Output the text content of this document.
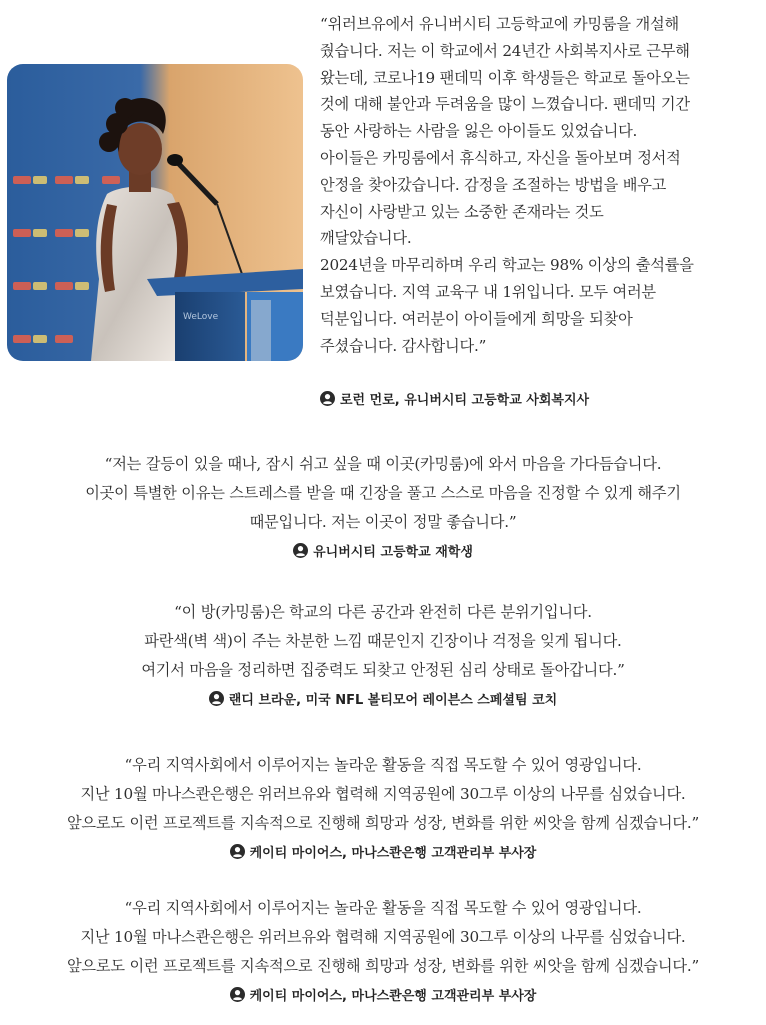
WeLove

“위러브유에서 유니버시티 고등학교에 카밍룸을 개설해

줬습니다. 저는 이 학교에서 24년간 사회복지사로 근무해

왔는데, 코로나19 팬데믹 이후 학생들은 학교로 돌아오는

것에 대해 불안과 두려움을 많이 느꼈습니다. 팬데믹 기간

동안 사랑하는 사람을 잃은 아이들도 있었습니다.

아이들은 카밍룸에서 휴식하고, 자신을 돌아보며 정서적

안정을 찾아갔습니다. 감정을 조절하는 방법을 배우고

자신이 사랑받고 있는 소중한 존재라는 것도

깨달았습니다.

2024년을 마무리하며 우리 학교는 98% 이상의 출석률을

보였습니다. 지역 교육구 내 1위입니다. 모두 여러분

덕분입니다. 여러분이 아이들에게 희망을 되찾아

주셨습니다. 감사합니다.”

로런 먼로, 유니버시티 고등학교 사회복지사

“저는 갈등이 있을 때나, 잠시 쉬고 싶을 때 이곳(카밍룸)에 와서 마음을 가다듬습니다.
이곳이 특별한 이유는 스트레스를 받을 때 긴장을 풀고 스스로 마음을 진정할 수 있게 해주기
때문입니다. 저는 이곳이 정말 좋습니다.”

유니버시티 고등학교 재학생

“이 방(카밍룸)은 학교의 다른 공간과 완전히 다른 분위기입니다.
파란색(벽 색)이 주는 차분한 느낌 때문인지 긴장이나 걱정을 잊게 됩니다.
여기서 마음을 정리하면 집중력도 되찾고 안정된 심리 상태로 돌아갑니다.”

랜디 브라운, 미국 NFL 볼티모어 레이븐스 스페셜팀 코치

“우리 지역사회에서 이루어지는 놀라운 활동을 직접 목도할 수 있어 영광입니다.
지난 10월 마나스콴은행은 위러브유와 협력해 지역공원에 30그루 이상의 나무를 심었습니다.
앞으로도 이런 프로젝트를 지속적으로 진행해 희망과 성장, 변화를 위한 씨앗을 함께 심겠습니다.”

케이티 마이어스, 마나스콴은행 고객관리부 부사장

“우리 지역사회에서 이루어지는 놀라운 활동을 직접 목도할 수 있어 영광입니다.
지난 10월 마나스콴은행은 위러브유와 협력해 지역공원에 30그루 이상의 나무를 심었습니다.
앞으로도 이런 프로젝트를 지속적으로 진행해 희망과 성장, 변화를 위한 씨앗을 함께 심겠습니다.”

케이티 마이어스, 마나스콴은행 고객관리부 부사장
